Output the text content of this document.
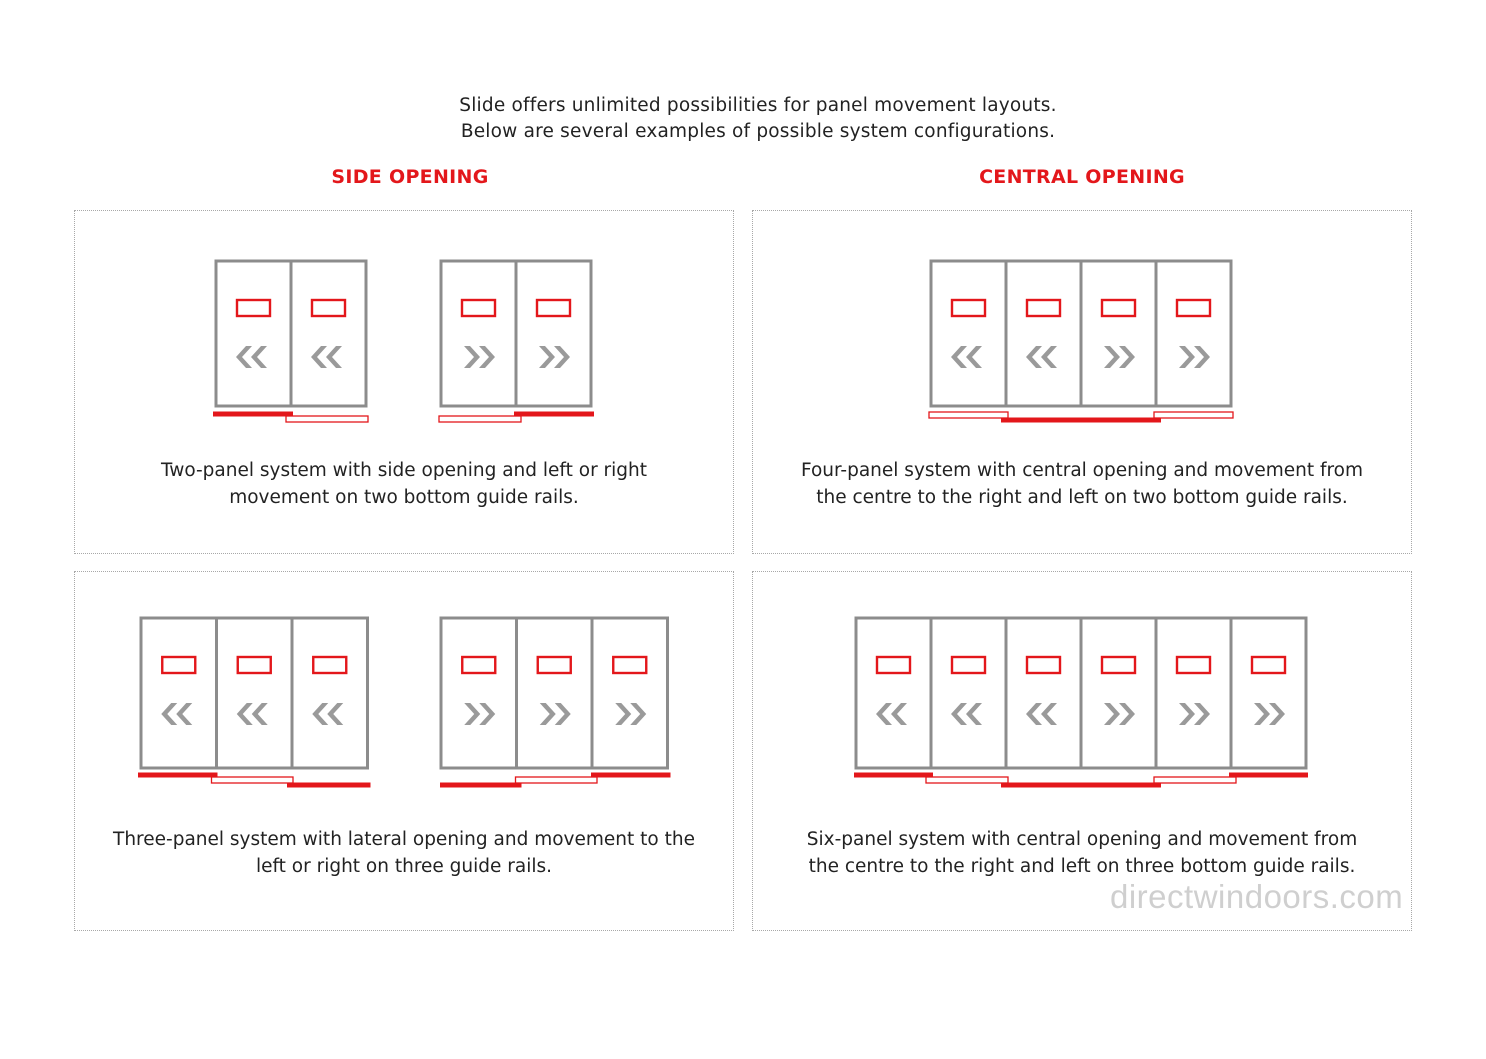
Slide offers unlimited possibilities for panel movement layouts.
Below are several examples of possible system configurations.
SIDE OPENING	CENTRAL OPENING
Two-panel system with side opening and left or right
movement on two bottom guide rails.
Four-panel system with central opening and movement from
the centre to the right and left on two bottom guide rails.
Three-panel system with lateral opening and movement to the
left or right on three guide rails.
Six-panel system with central opening and movement from
the centre to the right and left on three bottom guide rails.
directwindoors.com
